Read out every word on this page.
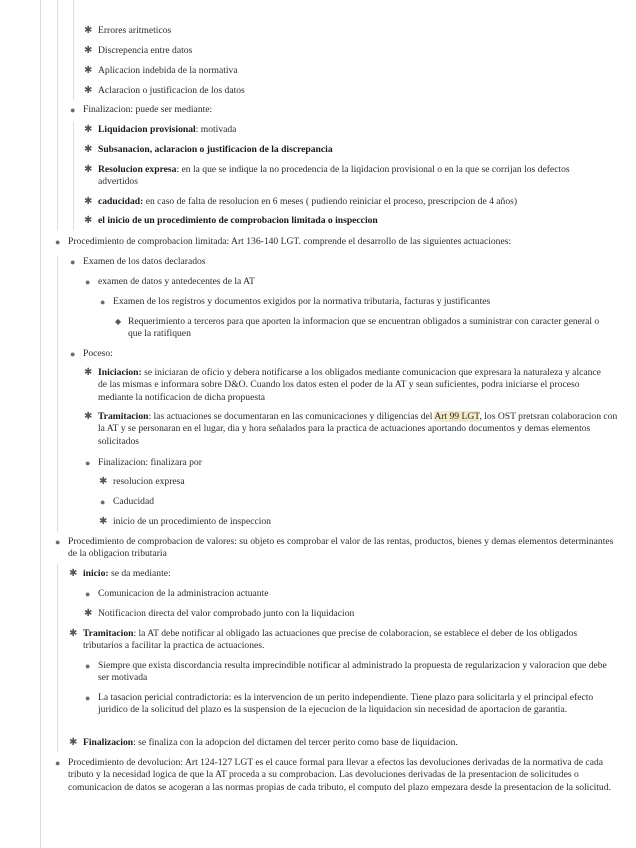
✱ Errores aritmeticos
✱ Discrepencia entre datos
✱ Aplicacion indebida de la normativa
✱ Aclaracion o justificacion de los datos
● Finalizacion: puede ser mediante:
✱ Liquidacion provisional: motivada
✱ Subsanacion, aclaracion o justificacion de la discrepancia
✱ Resolucion expresa: en la que se indique la no procedencia de la liqidacion provisional o en la que se corrijan los defectos advertidos
✱ caducidad: en caso de falta de resolucion en 6 meses ( pudiendo reiniciar el proceso, prescripcion de 4 años)
✱ el inicio de un procedimiento de comprobacion limitada o inspeccion
● Procedimiento de comprobacion limitada: Art 136-140 LGT. comprende el desarrollo de las siguientes actuaciones:
● Examen de los datos declarados
● examen de datos y antedecentes de la AT
● Examen de los registros y documentos exigidos por la normativa tributaria, facturas y justificantes
◆ Requerimiento a terceros para que aporten la informacion que se encuentran obligados a suministrar con caracter general o que la ratifiquen
● Poceso:
✱ Iniciacion: se iniciaran de oficio y debera notificarse a los obligados mediante comunicacion que expresara la naturaleza y alcance de las mismas e informara sobre D&O. Cuando los datos esten el poder de la AT y sean suficientes, podra iniciarse el proceso mediante la notificacion de dicha propuesta
✱ Tramitacion: las actuaciones se documentaran en las comunicaciones y diligencias del Art 99 LGT, los OST pretsran colaboracion con la AT y se personaran en el lugar, dia y hora señalados para la practica de actuaciones aportando documentos y demas elementos solicitados
● Finalizacion: finalizara por
✱ resolucion expresa
● Caducidad
✱ inicio de un procedimiento de inspeccion
● Procedimiento de comprobacion de valores: su objeto es comprobar el valor de las rentas, productos, bienes y demas elementos determinantes de la obligacion tributaria
✱ inicio: se da mediante:
● Comunicacion de la administracion actuante
✱ Notificacion directa del valor comprobado junto con la liquidacion
✱ Tramitacion: la AT debe notificar al obligado las actuaciones que precise de colaboracion, se establece el deber de los obligados tributarios a facilitar la practica de actuaciones.
● Siempre que exista discordancia resulta imprecindible notificar al administrado la propuesta de regularizacion y valoracion que debe ser motivada
● La tasacion pericial contradictoria: es la intervencion de un perito independiente. Tiene plazo para solicitarla y el principal efecto juridico de la solicitud del plazo es la suspension de la ejecucion de la liquidacion sin necesidad de aportacion de garantia.
✱ Finalizacion: se finaliza con la adopcion del dictamen del tercer perito como base de liquidacion.
● Procedimiento de devolucion: Art 124-127 LGT es el cauce formal para llevar a efectos las devoluciones derivadas de la normativa de cada tributo y la necesidad logica de que la AT proceda a su comprobacion. Las devoluciones derivadas de la presentacion de solicitudes o comunicacion de datos se acogeran a las normas propias de cada tributo, el computo del plazo empezara desde la presentacion de la solicitud.
